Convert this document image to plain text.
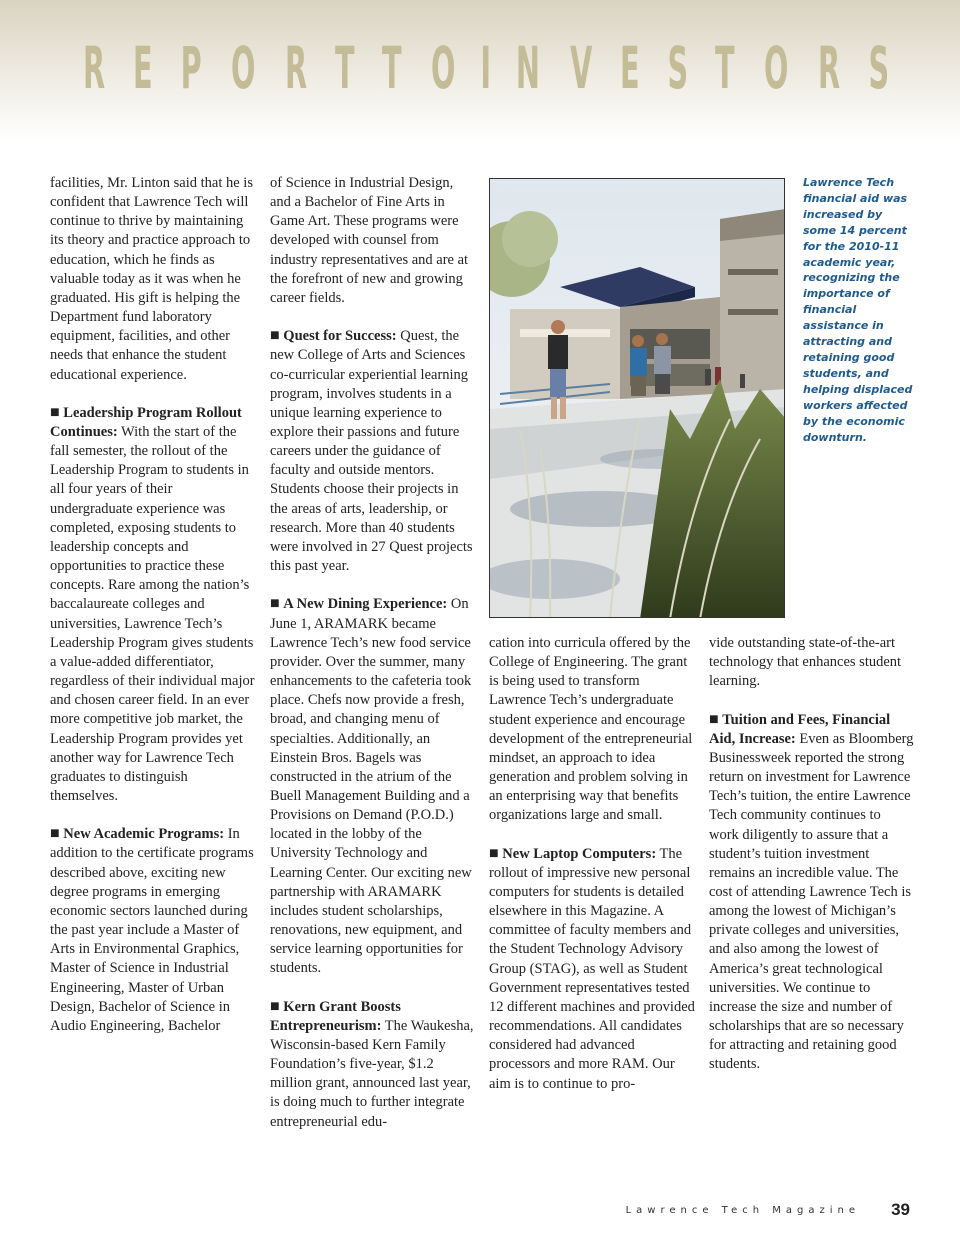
R E P O R T T O I N V E S T O R S

facilities, Mr. Linton said that he is confident that Lawrence Tech will continue to thrive by maintaining its theory and practice approach to education, which he finds as valuable today as it was when he graduated. His gift is helping the Department fund laboratory equipment, facilities, and other needs that enhance the student educational experience.

■ Leadership Program Rollout Continues: With the start of the fall semester, the rollout of the Leadership Program to students in all four years of their undergraduate experience was completed, exposing students to leadership concepts and opportunities to practice these concepts. Rare among the nation’s baccalaureate colleges and universities, Lawrence Tech’s Leadership Program gives students a value-added differentiator, regardless of their individual major and chosen career field. In an ever more competitive job market, the Leadership Program provides yet another way for Lawrence Tech graduates to distinguish themselves.

■ New Academic Programs: In addition to the certificate programs described above, exciting new degree programs in emerging economic sectors launched during the past year include a Master of Arts in Environmental Graphics, Master of Science in Industrial Engineering, Master of Urban Design, Bachelor of Science in Audio Engineering, Bachelor

of Science in Industrial Design, and a Bachelor of Fine Arts in Game Art. These programs were developed with counsel from industry representatives and are at the forefront of new and growing career fields.

■ Quest for Success: Quest, the new College of Arts and Sciences co-curricular experiential learning program, involves students in a unique learning experience to explore their passions and future careers under the guidance of faculty and outside mentors. Students choose their projects in the areas of arts, leadership, or research. More than 40 students were involved in 27 Quest projects this past year.

■ A New Dining Experience: On June 1, ARAMARK became Lawrence Tech’s new food service provider. Over the summer, many enhancements to the cafeteria took place. Chefs now provide a fresh, broad, and changing menu of specialties. Additionally, an Einstein Bros. Bagels was constructed in the atrium of the Buell Management Building and a Provisions on Demand (P.O.D.) located in the lobby of the University Technology and Learning Center. Our exciting new partnership with ARAMARK includes student scholarships, renovations, new equipment, and service learning opportunities for students.

■ Kern Grant Boosts Entrepreneurism: The Waukesha, Wisconsin-based Kern Family Foundation’s five-year, $1.2 million grant, announced last year, is doing much to further integrate entrepreneurial edu-

Lawrence Tech financial aid was increased by some 14 percent for the 2010-11 academic year, recognizing the importance of financial assistance in attracting and retaining good students, and helping displaced workers affected by the economic downturn.

cation into curricula offered by the College of Engineering. The grant is being used to transform Lawrence Tech’s undergraduate student experience and encourage development of the entrepreneurial mindset, an approach to idea generation and problem solving in an enterprising way that benefits organizations large and small.

■ New Laptop Computers: The rollout of impressive new personal computers for students is detailed elsewhere in this Magazine. A committee of faculty members and the Student Technology Advisory Group (STAG), as well as Student Government representatives tested 12 different machines and provided recommendations. All candidates considered had advanced processors and more RAM. Our aim is to continue to pro-

vide outstanding state-of-the-art technology that enhances student learning.

■ Tuition and Fees, Financial Aid, Increase: Even as Bloomberg Businessweek reported the strong return on investment for Lawrence Tech’s tuition, the entire Lawrence Tech community continues to work diligently to assure that a student’s tuition investment remains an incredible value. The cost of attending Lawrence Tech is among the lowest of Michigan’s private colleges and universities, and also among the lowest of America’s great technological universities. We continue to increase the size and number of scholarships that are so necessary for attracting and retaining good students.

Lawrence Tech Magazine 39
